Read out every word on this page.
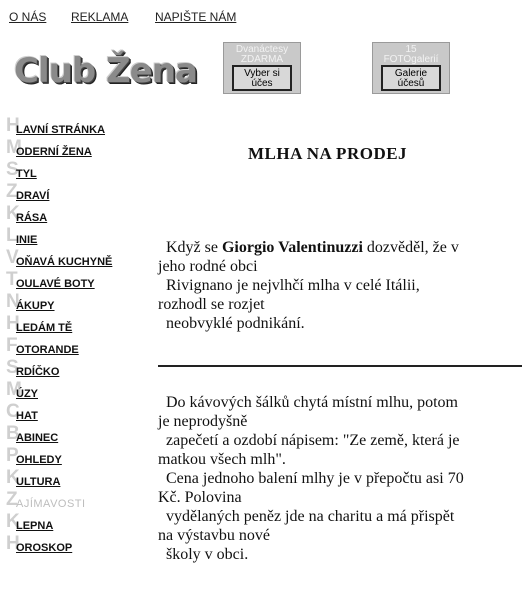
O NÁS REKLAMA NAPIŠTE NÁM
Club Žena
Dvanáctesy
ZDARMA
Vyber si
účes
15
FOTOgalerií
Galerie
účesů
H
LAVNÍ STRÁNKA
M
ODERNÍ ŽENA
S
TYL
Z
DRAVÍ
K
RÁSA
L
INIE
V
OŇAVÁ KUCHYNĚ
T
OULAVÉ BOTY
N
ÁKUPY
H
LEDÁM TĚ
F
OTORANDE
S
RDÍČKO
M
ÚZY
C
HAT
B
ABINEC
P
OHLEDY
K
ULTURA
Z
AJÍMAVOSTI
K
LEPNA
H
OROSKOP
MLHA NA PRODEJ
Když se Giorgio Valentinuzzi dozvěděl, že v
jeho rodné obci
Rivignano je nejvlhčí mlha v celé Itálii,
rozhodl se rozjet
neobvyklé podnikání.
Do kávových šálků chytá místní mlhu, potom
je neprodyšně
zapečetí a ozdobí nápisem: "Ze země, která je
matkou všech mlh".
Cena jednoho balení mlhy je v přepočtu asi 70
Kč. Polovina
vydělaných peněz jde na charitu a má přispět
na výstavbu nové
školy v obci.
